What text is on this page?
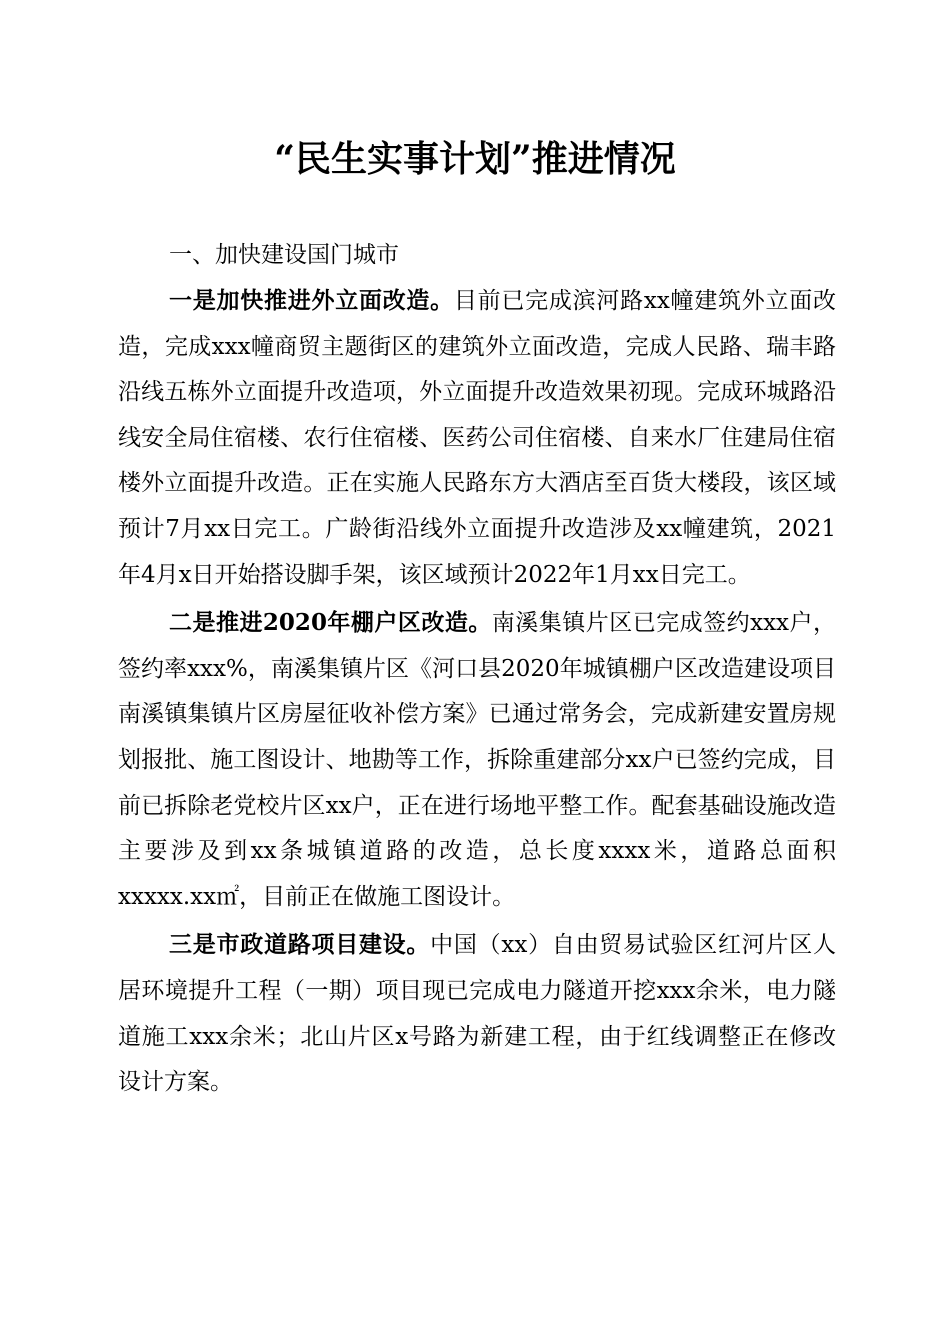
“民生实事计划”推进情况
一、加快建设国门城市

一是加快推进外立面改造。目前已完成滨河路xx幢建筑外立面改造，完成xxx幢商贸主题街区的建筑外立面改造，完成人民路、瑞丰路沿线五栋外立面提升改造项，外立面提升改造效果初现。完成环城路沿线安全局住宿楼、农行住宿楼、医药公司住宿楼、自来水厂住建局住宿楼外立面提升改造。正在实施人民路东方大酒店至百货大楼段，该区域预计7月xx日完工。广龄街沿线外立面提升改造涉及xx幢建筑，2021年4月x日开始搭设脚手架，该区域预计2022年1月xx日完工。

二是推进2020年棚户区改造。南溪集镇片区已完成签约xxx户，签约率xxx%，南溪集镇片区《河口县2020年城镇棚户区改造建设项目南溪镇集镇片区房屋征收补偿方案》已通过常务会，完成新建安置房规划报批、施工图设计、地勘等工作，拆除重建部分xx户已签约完成，目前已拆除老党校片区xx户，正在进行场地平整工作。配套基础设施改造主要涉及到xx条城镇道路的改造，总长度xxxx米，道路总面积xxxxx.xx㎡，目前正在做施工图设计。

三是市政道路项目建设。中国（xx）自由贸易试验区红河片区人居环境提升工程（一期）项目现已完成电力隧道开挖xxx余米，电力隧道施工xxx余米；北山片区x号路为新建工程，由于红线调整正在修改设计方案。
